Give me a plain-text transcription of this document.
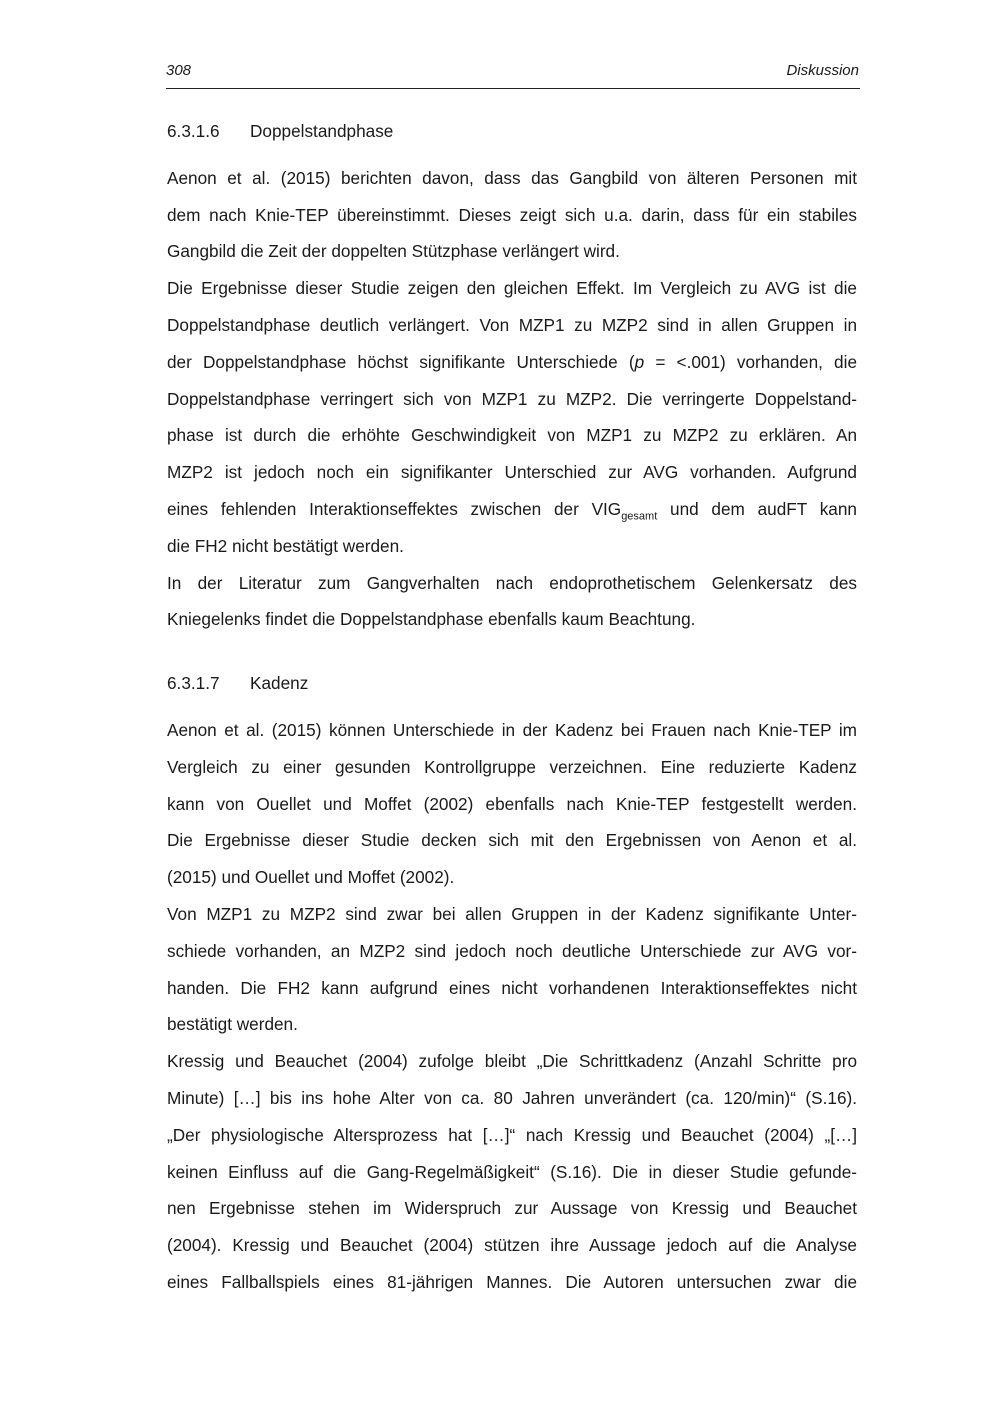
308	Diskussion
6.3.1.6 Doppelstandphase
Aenon et al. (2015) berichten davon, dass das Gangbild von älteren Personen mit
dem nach Knie-TEP übereinstimmt. Dieses zeigt sich u.a. darin, dass für ein stabiles
Gangbild die Zeit der doppelten Stützphase verlängert wird.
Die Ergebnisse dieser Studie zeigen den gleichen Effekt. Im Vergleich zu AVG ist die
Doppelstandphase deutlich verlängert. Von MZP1 zu MZP2 sind in allen Gruppen in
der Doppelstandphase höchst signifikante Unterschiede (p = <.001) vorhanden, die
Doppelstandphase verringert sich von MZP1 zu MZP2. Die verringerte Doppelstand-
phase ist durch die erhöhte Geschwindigkeit von MZP1 zu MZP2 zu erklären. An
MZP2 ist jedoch noch ein signifikanter Unterschied zur AVG vorhanden. Aufgrund
eines fehlenden Interaktionseffektes zwischen der $VIG_{gesamt}$ und dem audFT kann
die FH2 nicht bestätigt werden.
In der Literatur zum Gangverhalten nach endoprothetischem Gelenkersatz des
Kniegelenks findet die Doppelstandphase ebenfalls kaum Beachtung.
6.3.1.7 Kadenz
Aenon et al. (2015) können Unterschiede in der Kadenz bei Frauen nach Knie-TEP im
Vergleich zu einer gesunden Kontrollgruppe verzeichnen. Eine reduzierte Kadenz
kann von Ouellet und Moffet (2002) ebenfalls nach Knie-TEP festgestellt werden.
Die Ergebnisse dieser Studie decken sich mit den Ergebnissen von Aenon et al.
(2015) und Ouellet und Moffet (2002).
Von MZP1 zu MZP2 sind zwar bei allen Gruppen in der Kadenz signifikante Unter-
schiede vorhanden, an MZP2 sind jedoch noch deutliche Unterschiede zur AVG vor-
handen. Die FH2 kann aufgrund eines nicht vorhandenen Interaktionseffektes nicht
bestätigt werden.
Kressig und Beauchet (2004) zufolge bleibt „Die Schrittkadenz (Anzahl Schritte pro
Minute) […] bis ins hohe Alter von ca. 80 Jahren unverändert (ca. 120/min)“ (S.16).
„Der physiologische Altersprozess hat […]“ nach Kressig und Beauchet (2004) „[…]
keinen Einfluss auf die Gang-Regelmäßigkeit“ (S.16). Die in dieser Studie gefunde-
nen Ergebnisse stehen im Widerspruch zur Aussage von Kressig und Beauchet
(2004). Kressig und Beauchet (2004) stützen ihre Aussage jedoch auf die Analyse
eines Fallballspiels eines 81-jährigen Mannes. Die Autoren untersuchen zwar die
